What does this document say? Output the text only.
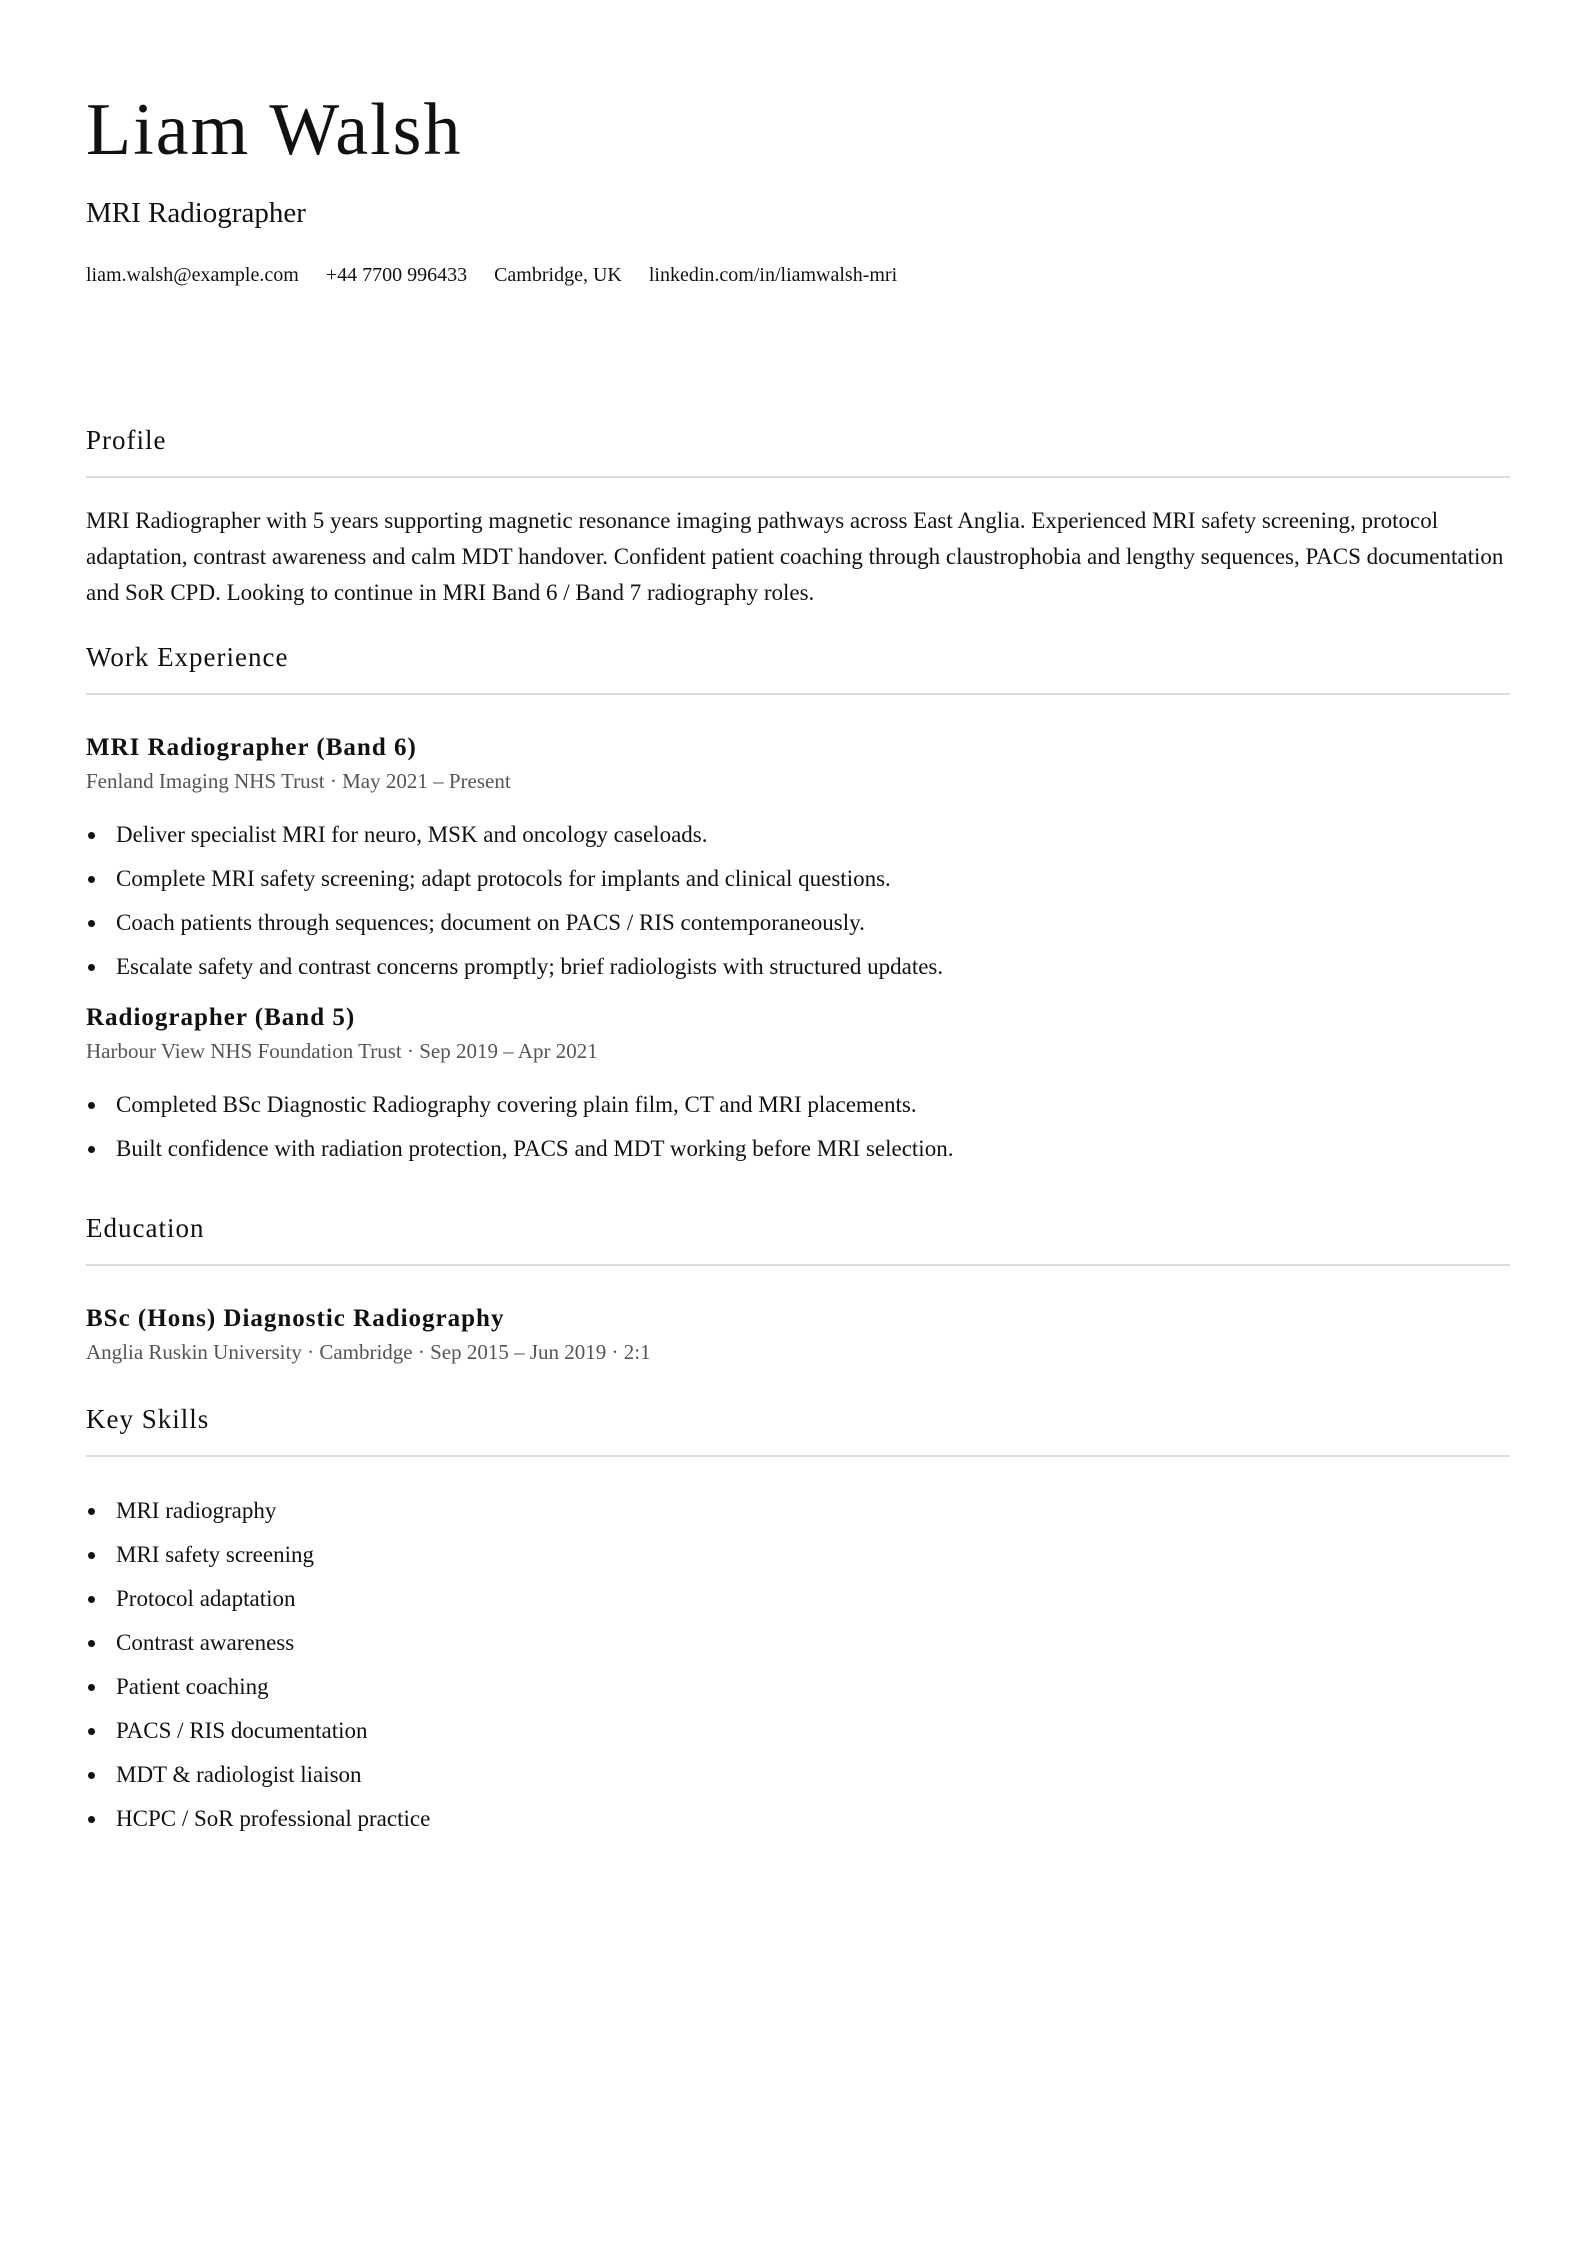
Liam Walsh
MRI Radiographer
liam.walsh@example.com +44 7700 996433 Cambridge, UK linkedin.com/in/liamwalsh-mri
Profile
MRI Radiographer with 5 years supporting magnetic resonance imaging pathways across East Anglia. Experienced MRI safety screening, protocol adaptation, contrast awareness and calm MDT handover. Confident patient coaching through claustrophobia and lengthy sequences, PACS documentation and SoR CPD. Looking to continue in MRI Band 6 / Band 7 radiography roles.
Work Experience
MRI Radiographer (Band 6)
Fenland Imaging NHS Trust · May 2021 – Present
Deliver specialist MRI for neuro, MSK and oncology caseloads.
Complete MRI safety screening; adapt protocols for implants and clinical questions.
Coach patients through sequences; document on PACS / RIS contemporaneously.
Escalate safety and contrast concerns promptly; brief radiologists with structured updates.
Radiographer (Band 5)
Harbour View NHS Foundation Trust · Sep 2019 – Apr 2021
Completed BSc Diagnostic Radiography covering plain film, CT and MRI placements.
Built confidence with radiation protection, PACS and MDT working before MRI selection.
Education
BSc (Hons) Diagnostic Radiography
Anglia Ruskin University · Cambridge · Sep 2015 – Jun 2019 · 2:1
Key Skills
MRI radiography
MRI safety screening
Protocol adaptation
Contrast awareness
Patient coaching
PACS / RIS documentation
MDT & radiologist liaison
HCPC / SoR professional practice
